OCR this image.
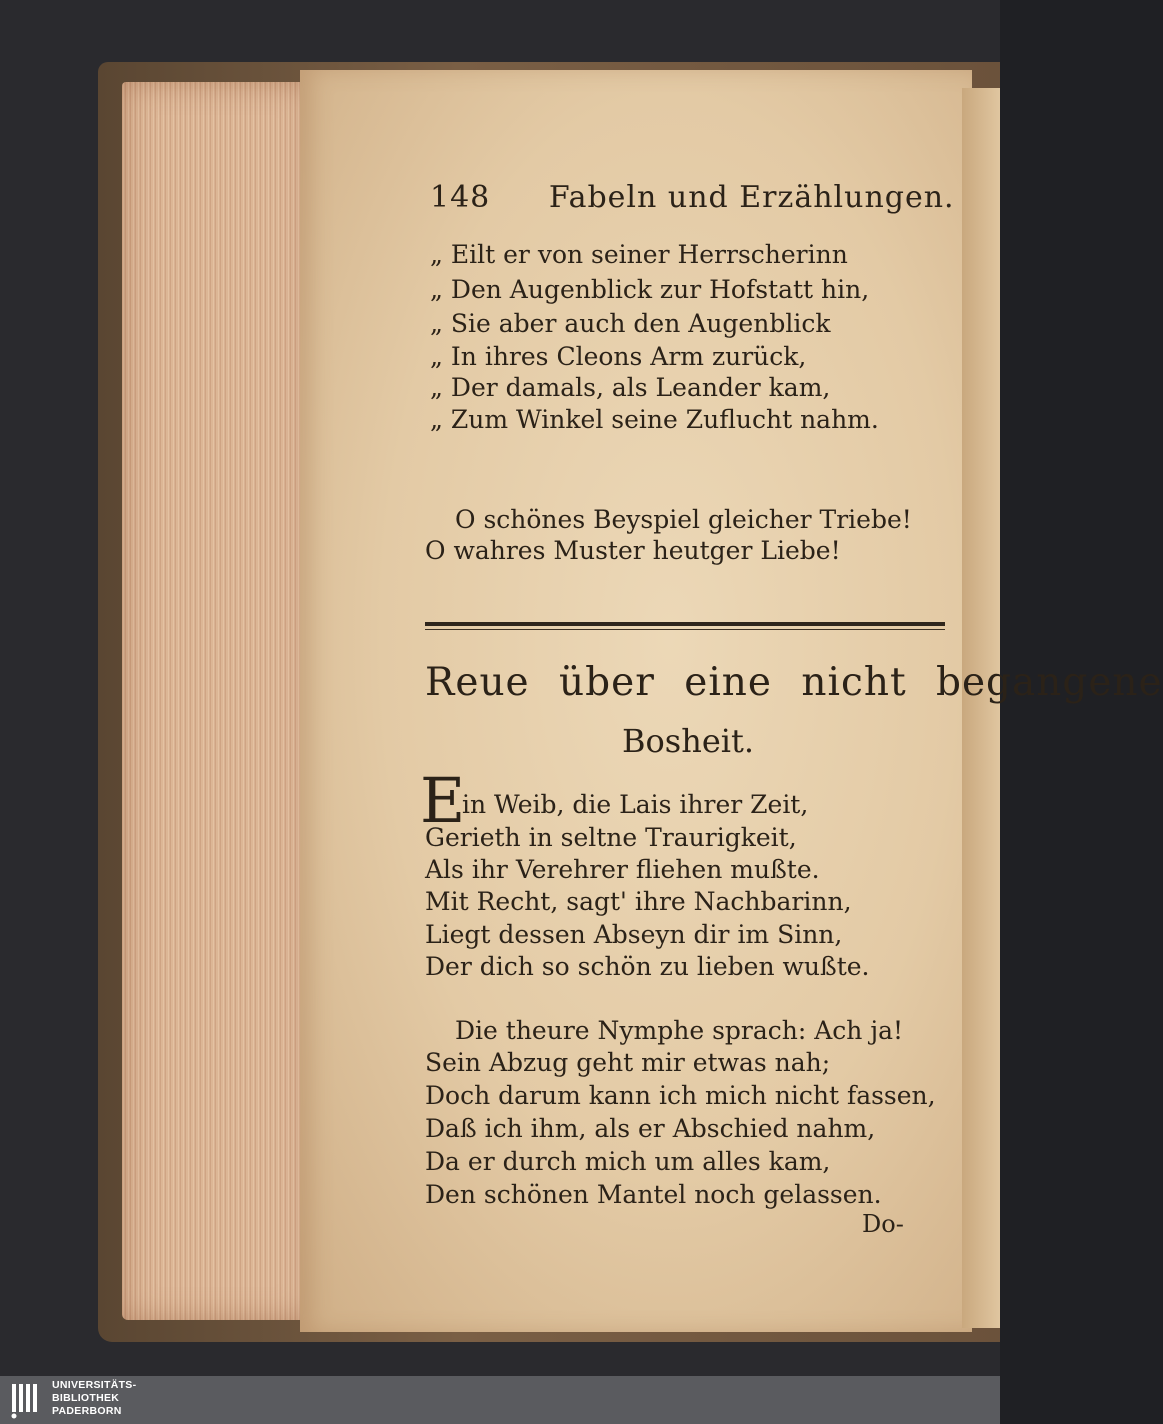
148 Fabeln und Erzählungen.
„ Eilt er von seiner Herrscherinn
„ Den Augenblick zur Hofstatt hin,
„ Sie aber auch den Augenblick
„ In ihres Cleons Arm zurück,
„ Der damals, als Leander kam,
„ Zum Winkel seine Zuflucht nahm.
O schönes Beyspiel gleicher Triebe!
O wahres Muster heutger Liebe!
Reue über eine nicht begangene
Bosheit.
E
in Weib, die Lais ihrer Zeit,
Gerieth in seltne Traurigkeit,
Als ihr Verehrer fliehen mußte.
Mit Recht, sagt' ihre Nachbarinn,
Liegt dessen Abseyn dir im Sinn,
Der dich so schön zu lieben wußte.
Die theure Nymphe sprach: Ach ja!
Sein Abzug geht mir etwas nah;
Doch darum kann ich mich nicht fassen,
Daß ich ihm, als er Abschied nahm,
Da er durch mich um alles kam,
Den schönen Mantel noch gelassen.
Do-
UNIVERSITÄTS-
BIBLIOTHEK
PADERBORN
